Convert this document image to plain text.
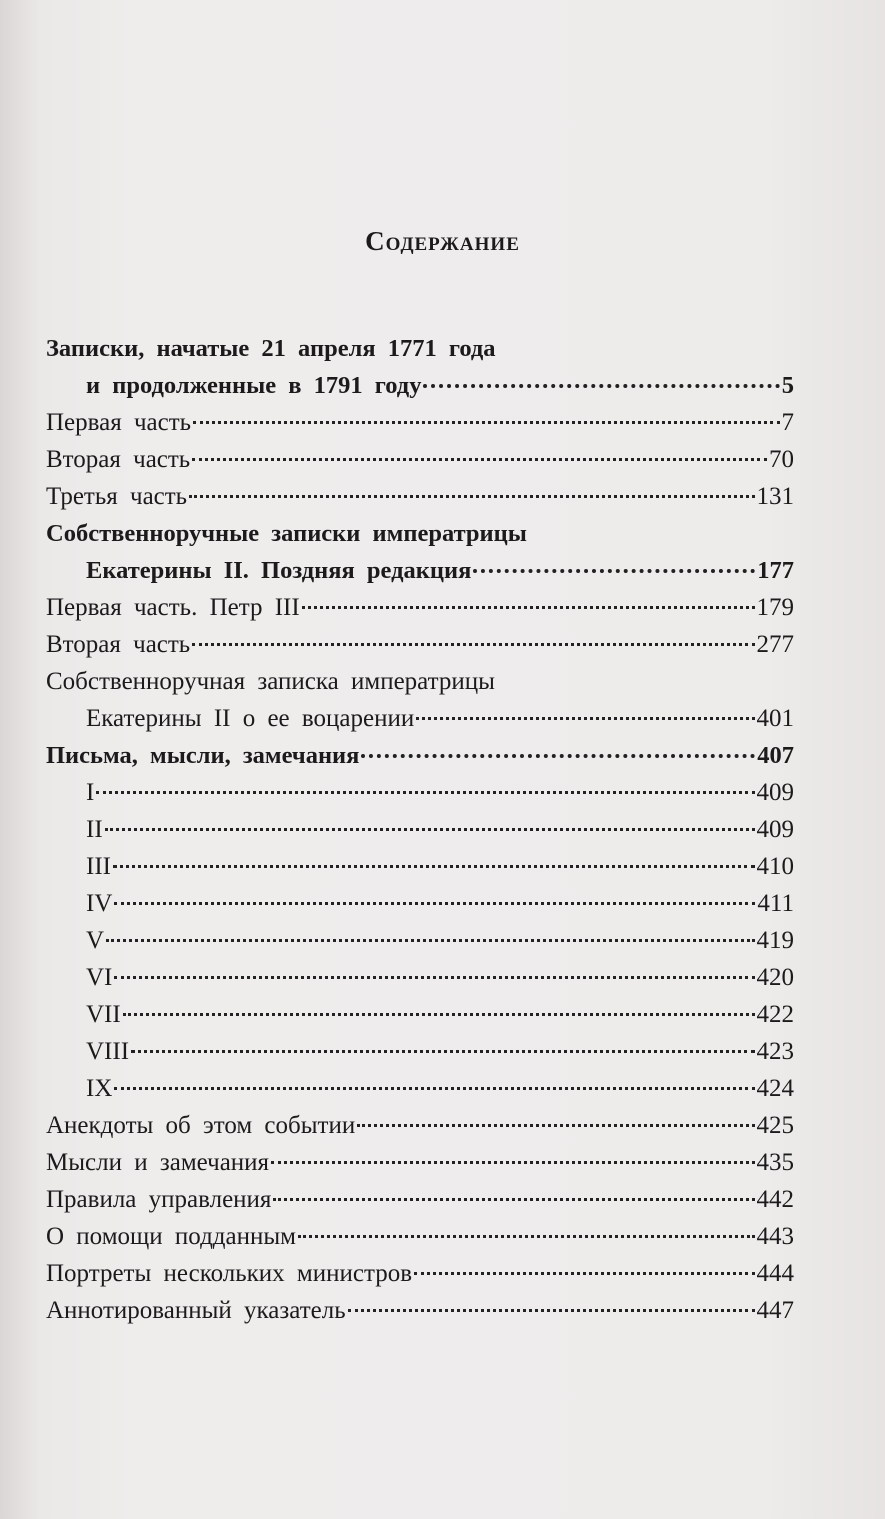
Содержание
Записки, начатые 21 апреля 1771 года
и продолженные в 1791 году	5
Первая часть	7
Вторая часть	70
Третья часть	131
Собственноручные записки императрицы
Екатерины II. Поздняя редакция	177
Первая часть. Петр III	179
Вторая часть	277
Собственноручная записка императрицы
Екатерины II о ее воцарении	401
Письма, мысли, замечания	407
I	409
II	409
III	410
IV	411
V	419
VI	420
VII	422
VIII	423
IX	424
Анекдоты об этом событии	425
Мысли и замечания	435
Правила управления	442
О помощи подданным	443
Портреты нескольких министров	444
Аннотированный указатель	447
